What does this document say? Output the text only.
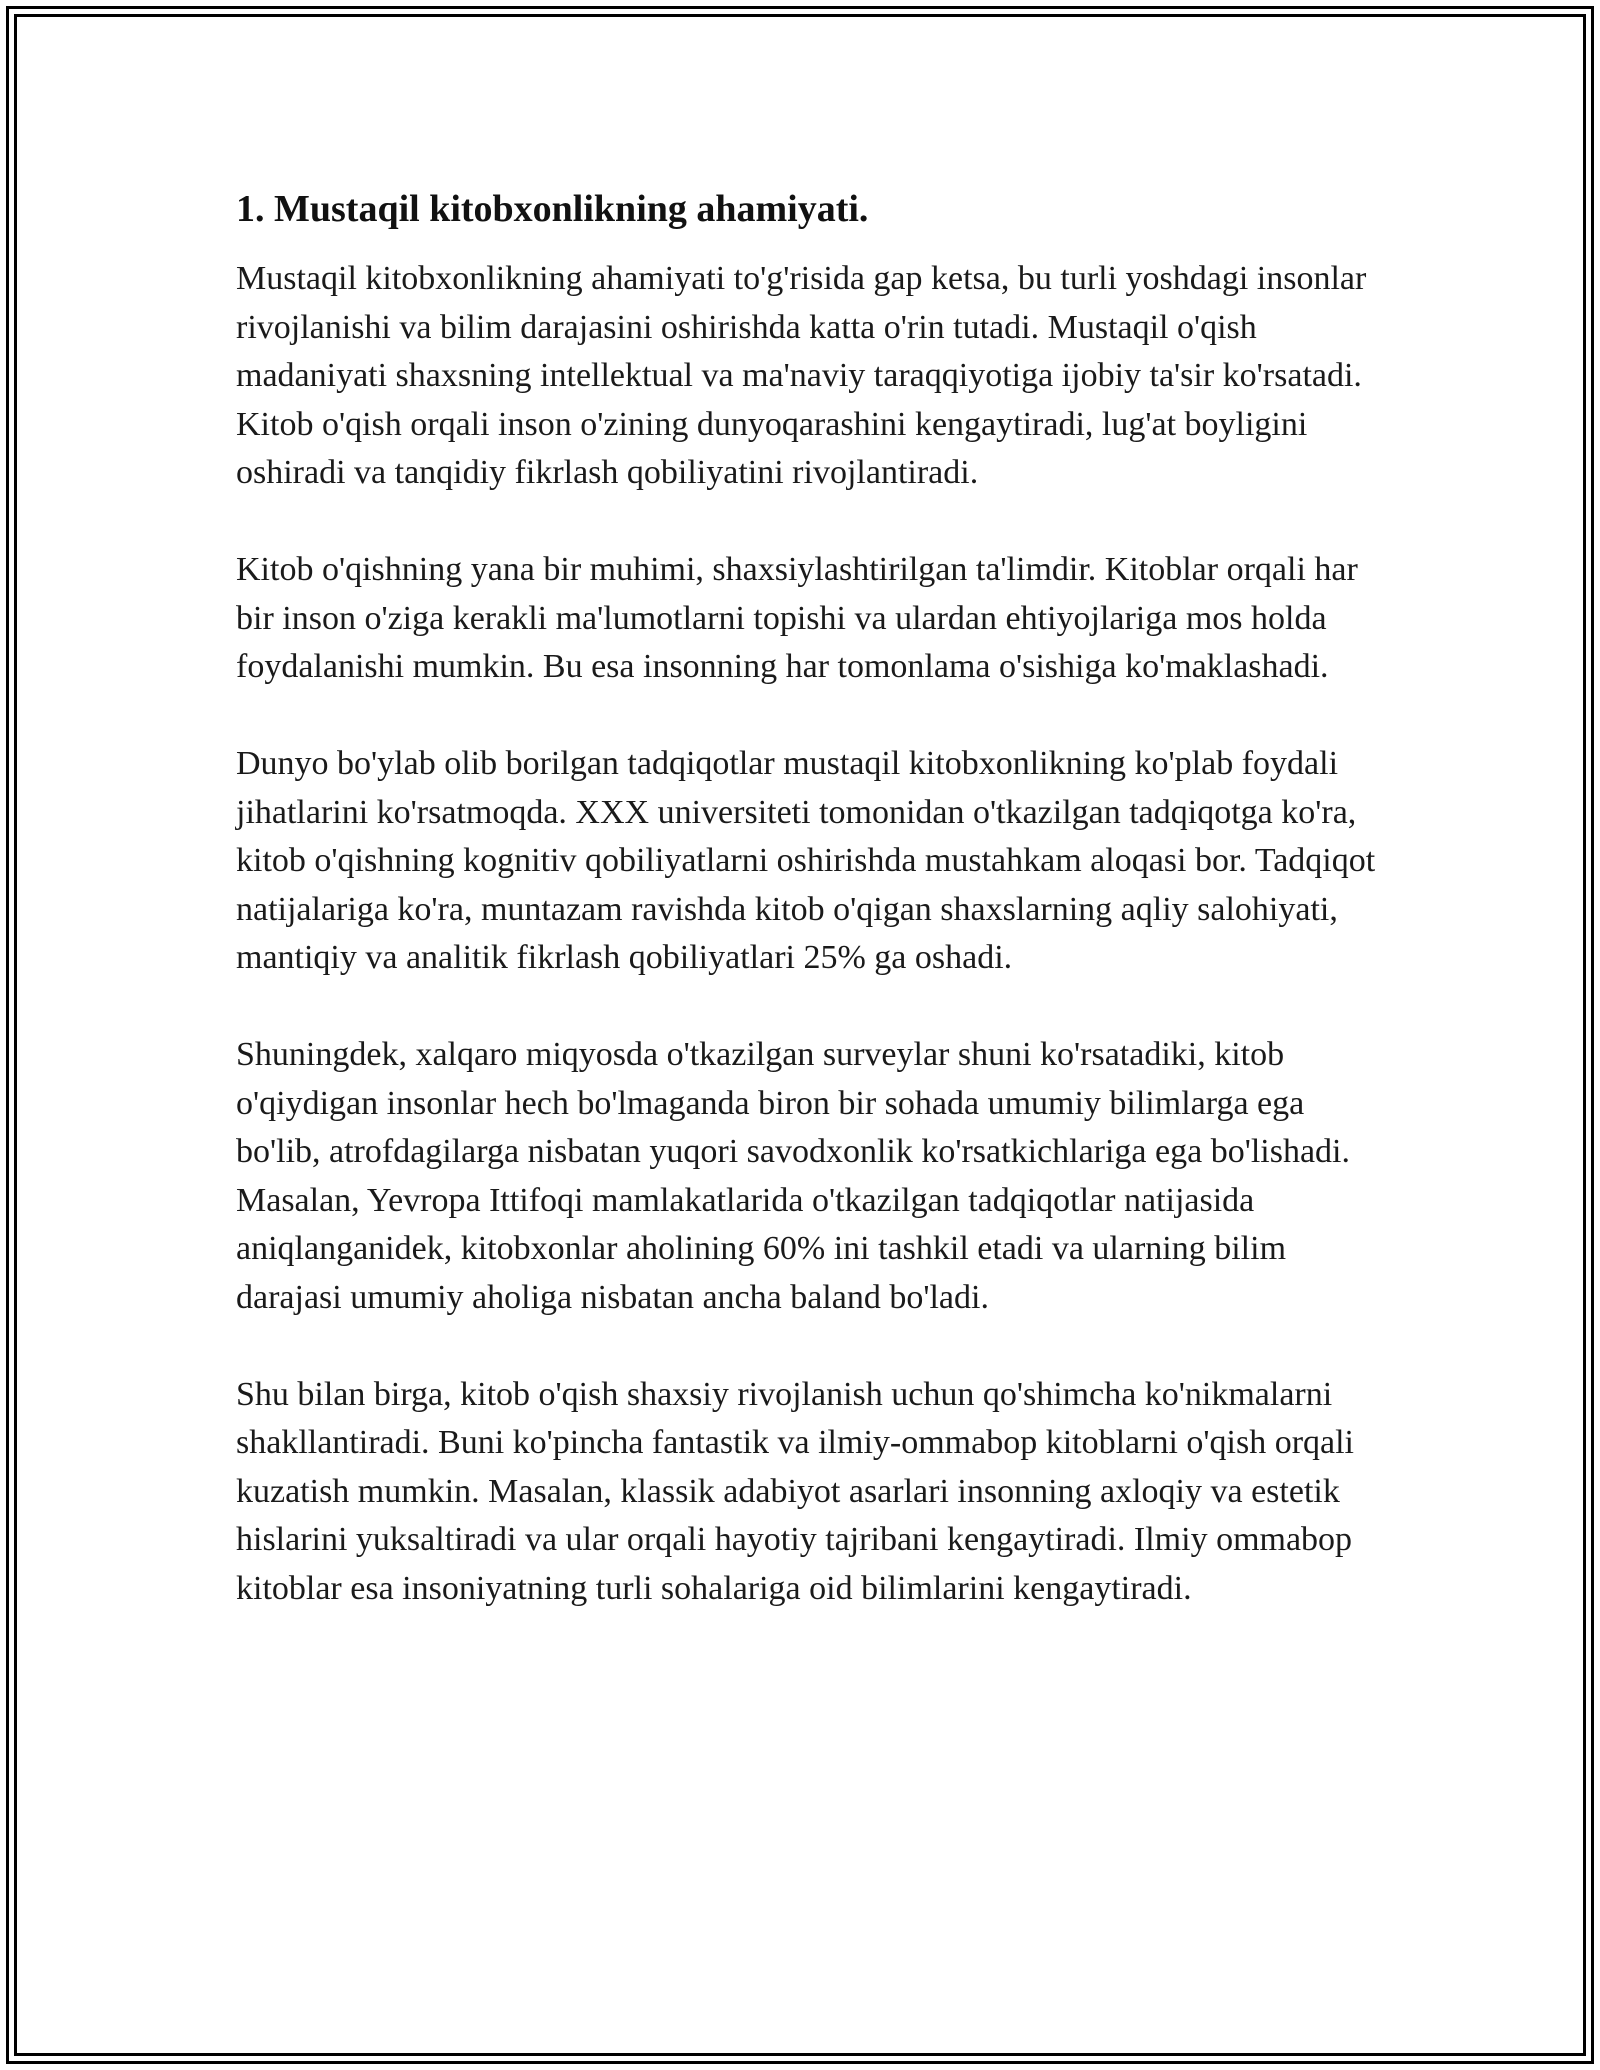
1. Mustaqil kitobxonlikning ahamiyati.

Mustaqil kitobxonlikning ahamiyati to'g'risida gap ketsa, bu turli yoshdagi insonlar rivojlanishi va bilim darajasini oshirishda katta o'rin tutadi. Mustaqil o'qish madaniyati shaxsning intellektual va ma'naviy taraqqiyotiga ijobiy ta'sir ko'rsatadi. Kitob o'qish orqali inson o'zining dunyoqarashini kengaytiradi, lug'at boyligini oshiradi va tanqidiy fikrlash qobiliyatini rivojlantiradi.

Kitob o'qishning yana bir muhimi, shaxsiylashtirilgan ta'limdir. Kitoblar orqali har bir inson o'ziga kerakli ma'lumotlarni topishi va ulardan ehtiyojlariga mos holda foydalanishi mumkin. Bu esa insonning har tomonlama o'sishiga ko'maklashadi.

Dunyo bo'ylab olib borilgan tadqiqotlar mustaqil kitobxonlikning ko'plab foydali jihatlarini ko'rsatmoqda. XXX universiteti tomonidan o'tkazilgan tadqiqotga ko'ra, kitob o'qishning kognitiv qobiliyatlarni oshirishda mustahkam aloqasi bor. Tadqiqot natijalariga ko'ra, muntazam ravishda kitob o'qigan shaxslarning aqliy salohiyati, mantiqiy va analitik fikrlash qobiliyatlari 25% ga oshadi.

Shuningdek, xalqaro miqyosda o'tkazilgan surveylar shuni ko'rsatadiki, kitob o'qiydigan insonlar hech bo'lmaganda biron bir sohada umumiy bilimlarga ega bo'lib, atrofdagilarga nisbatan yuqori savodxonlik ko'rsatkichlariga ega bo'lishadi. Masalan, Yevropa Ittifoqi mamlakatlarida o'tkazilgan tadqiqotlar natijasida aniqlanganidek, kitobxonlar aholining 60% ini tashkil etadi va ularning bilim darajasi umumiy aholiga nisbatan ancha baland bo'ladi.

Shu bilan birga, kitob o'qish shaxsiy rivojlanish uchun qo'shimcha ko'nikmalarni shakllantiradi. Buni ko'pincha fantastik va ilmiy-ommabop kitoblarni o'qish orqali kuzatish mumkin. Masalan, klassik adabiyot asarlari insonning axloqiy va estetik hislarini yuksaltiradi va ular orqali hayotiy tajribani kengaytiradi. Ilmiy ommabop kitoblar esa insoniyatning turli sohalariga oid bilimlarini kengaytiradi.
